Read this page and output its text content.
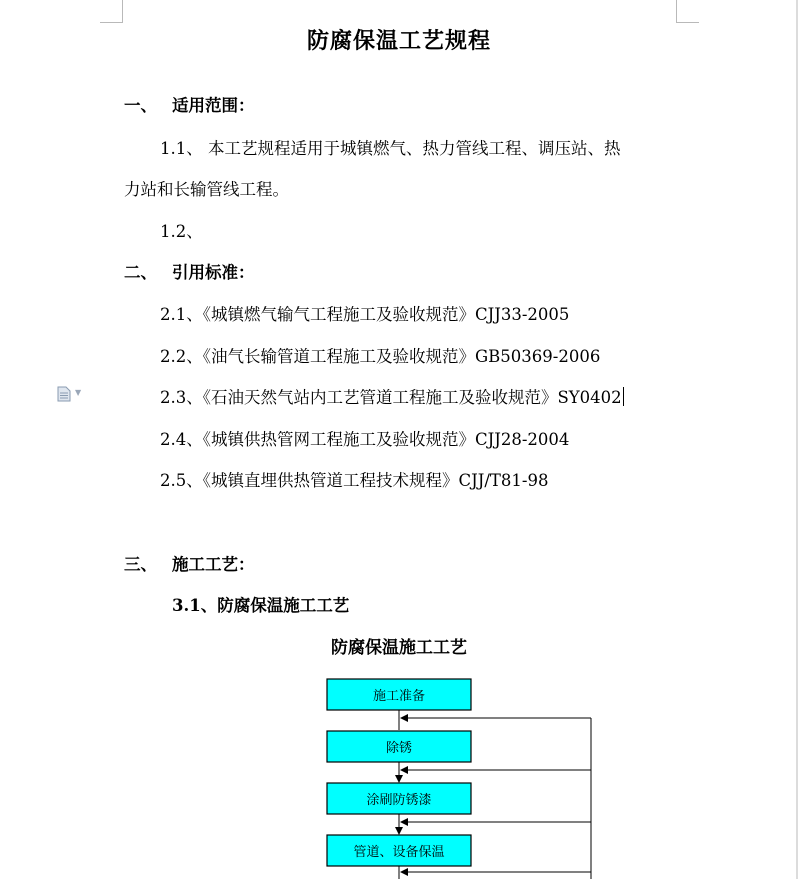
防腐保温工艺规程
一、 适用范围：
1.1、 本工艺规程适用于城镇燃气、热力管线工程、调压站、热
力站和长输管线工程。
1.2、
二、 引用标准：
2.1、《城镇燃气输气工程施工及验收规范》CJJ33-2005
2.2、《油气长输管道工程施工及验收规范》GB50369-2006
▼	2.3、《石油天然气站内工艺管道工程施工及验收规范》SY0402
2.4、《城镇供热管网工程施工及验收规范》CJJ28-2004
2.5、《城镇直埋供热管道工程技术规程》CJJ/T81-98
三、 施工工艺：
3.1、防腐保温施工工艺
防腐保温施工工艺
施工准备
除锈
涂刷防锈漆
管道、设备保温
